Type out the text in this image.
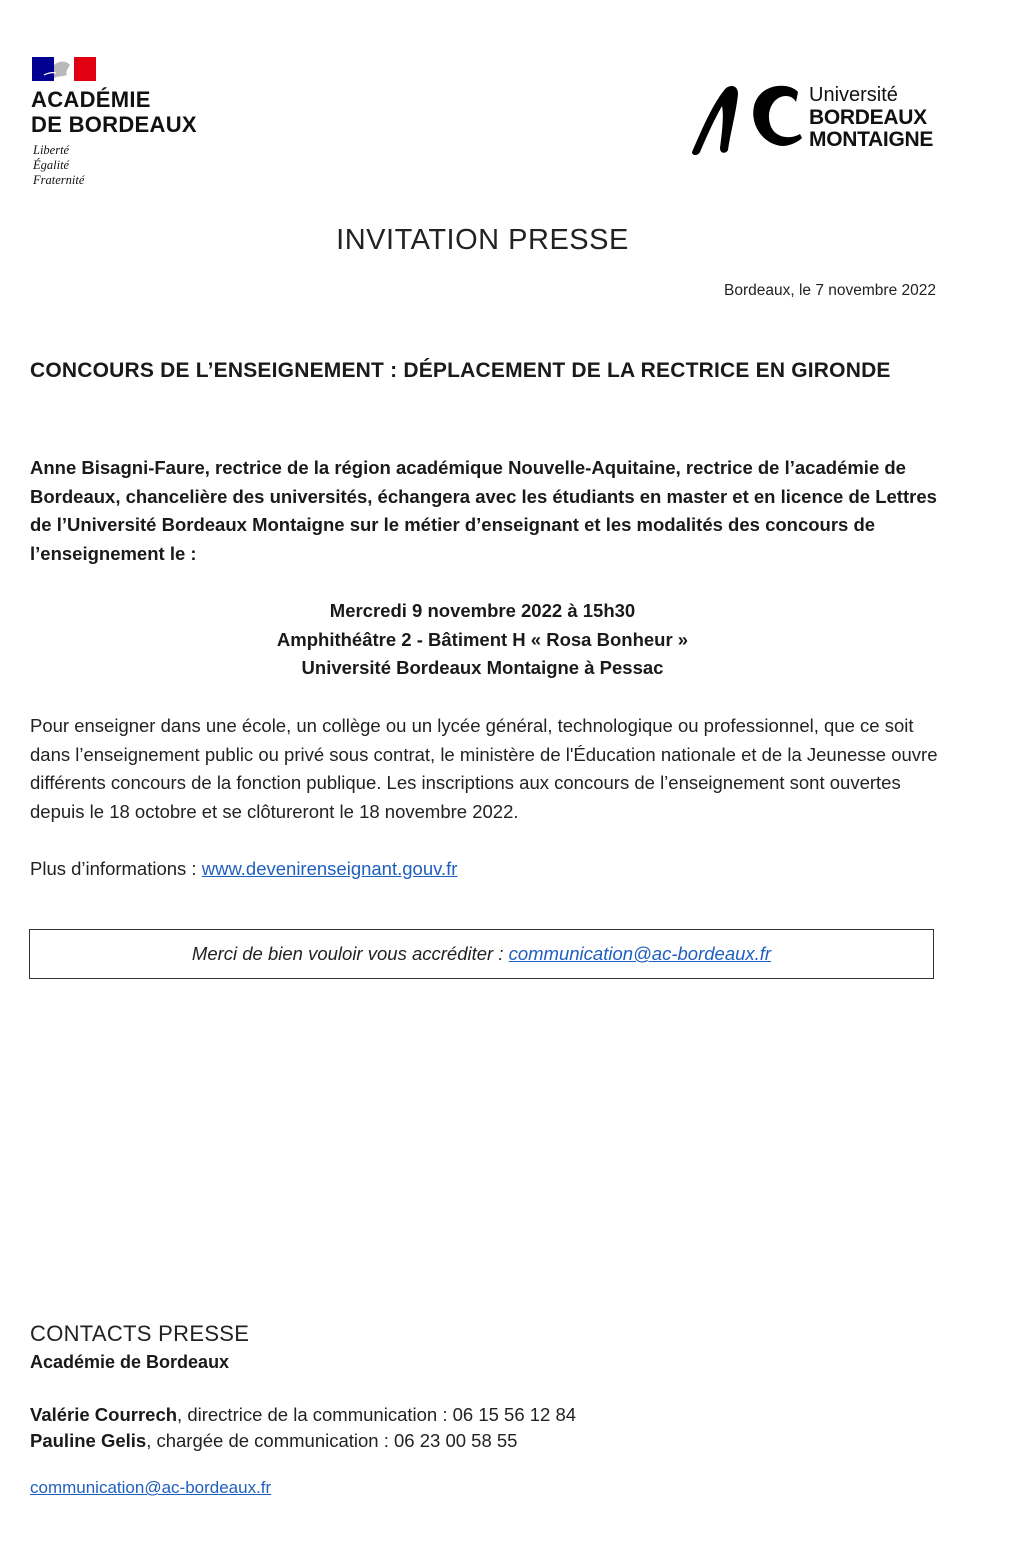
ACADÉMIE
DE BORDEAUX
Liberté
Égalité
Fraternité
Université
BORDEAUX
MONTAIGNE
INVITATION PRESSE
Bordeaux, le 7 novembre 2022
CONCOURS DE L’ENSEIGNEMENT : DÉPLACEMENT DE LA RECTRICE EN GIRONDE
Anne Bisagni-Faure, rectrice de la région académique Nouvelle-Aquitaine, rectrice de l’académie de Bordeaux, chancelière des universités, échangera avec les étudiants en master et en licence de Lettres de l’Université Bordeaux Montaigne sur le métier d’enseignant et les modalités des concours de l’enseignement le :
Mercredi 9 novembre 2022 à 15h30
Amphithéâtre 2 - Bâtiment H « Rosa Bonheur »
Université Bordeaux Montaigne à Pessac
Pour enseigner dans une école, un collège ou un lycée général, technologique ou professionnel, que ce soit dans l’enseignement public ou privé sous contrat, le ministère de l'Éducation nationale et de la Jeunesse ouvre différents concours de la fonction publique. Les inscriptions aux concours de l’enseignement sont ouvertes depuis le 18 octobre et se clôtureront le 18 novembre 2022.
Plus d’informations : www.devenirenseignant.gouv.fr
Merci de bien vouloir vous accréditer : communication@ac-bordeaux.fr
CONTACTS PRESSE
Académie de Bordeaux
Valérie Courrech, directrice de la communication : 06 15 56 12 84
Pauline Gelis, chargée de communication : 06 23 00 58 55
communication@ac-bordeaux.fr
